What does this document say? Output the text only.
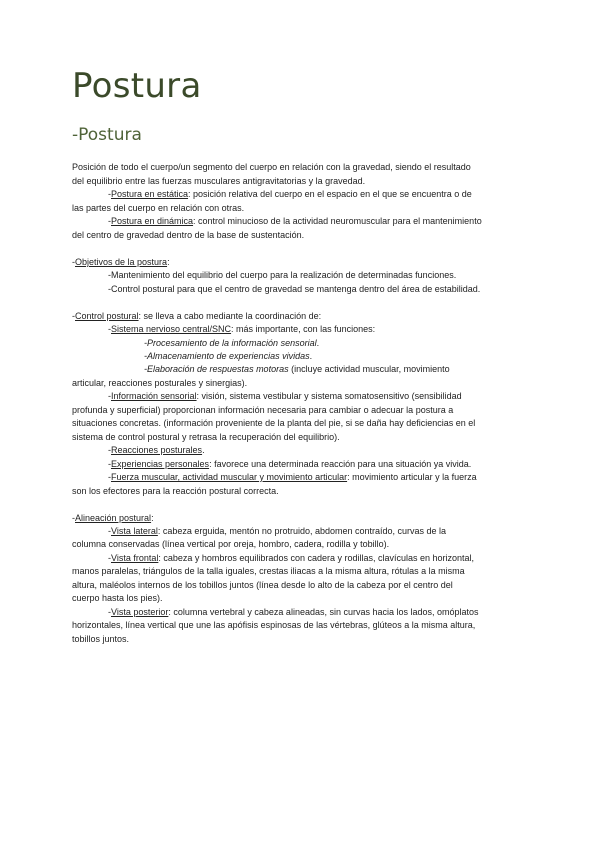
Postura
-Postura
Posición de todo el cuerpo/un segmento del cuerpo en relación con la gravedad, siendo el resultado
del equilibrio entre las fuerzas musculares antigravitatorias y la gravedad.
-Postura en estática: posición relativa del cuerpo en el espacio en el que se encuentra o de
las partes del cuerpo en relación con otras.
-Postura en dinámica: control minucioso de la actividad neuromuscular para el mantenimiento
del centro de gravedad dentro de la base de sustentación.
-Objetivos de la postura:
-Mantenimiento del equilibrio del cuerpo para la realización de determinadas funciones.
-Control postural para que el centro de gravedad se mantenga dentro del área de estabilidad.
-Control postural: se lleva a cabo mediante la coordinación de:
-Sistema nervioso central/SNC: más importante, con las funciones:
-Procesamiento de la información sensorial.
-Almacenamiento de experiencias vividas.
-Elaboración de respuestas motoras (incluye actividad muscular, movimiento
articular, reacciones posturales y sinergias).
-Información sensorial: visión, sistema vestibular y sistema somatosensitivo (sensibilidad
profunda y superficial) proporcionan información necesaria para cambiar o adecuar la postura a
situaciones concretas. (información proveniente de la planta del pie, si se daña hay deficiencias en el
sistema de control postural y retrasa la recuperación del equilibrio).
-Reacciones posturales.
-Experiencias personales: favorece una determinada reacción para una situación ya vivida.
-Fuerza muscular, actividad muscular y movimiento articular: movimiento articular y la fuerza
son los efectores para la reacción postural correcta.
-Alineación postural:
-Vista lateral: cabeza erguida, mentón no protruido, abdomen contraído, curvas de la
columna conservadas (línea vertical por oreja, hombro, cadera, rodilla y tobillo).
-Vista frontal: cabeza y hombros equilibrados con cadera y rodillas, clavículas en horizontal,
manos paralelas, triángulos de la talla iguales, crestas iliacas a la misma altura, rótulas a la misma
altura, maléolos internos de los tobillos juntos (línea desde lo alto de la cabeza por el centro del
cuerpo hasta los pies).
-Vista posterior: columna vertebral y cabeza alineadas, sin curvas hacia los lados, omóplatos
horizontales, línea vertical que une las apófisis espinosas de las vértebras, glúteos a la misma altura,
tobillos juntos.
